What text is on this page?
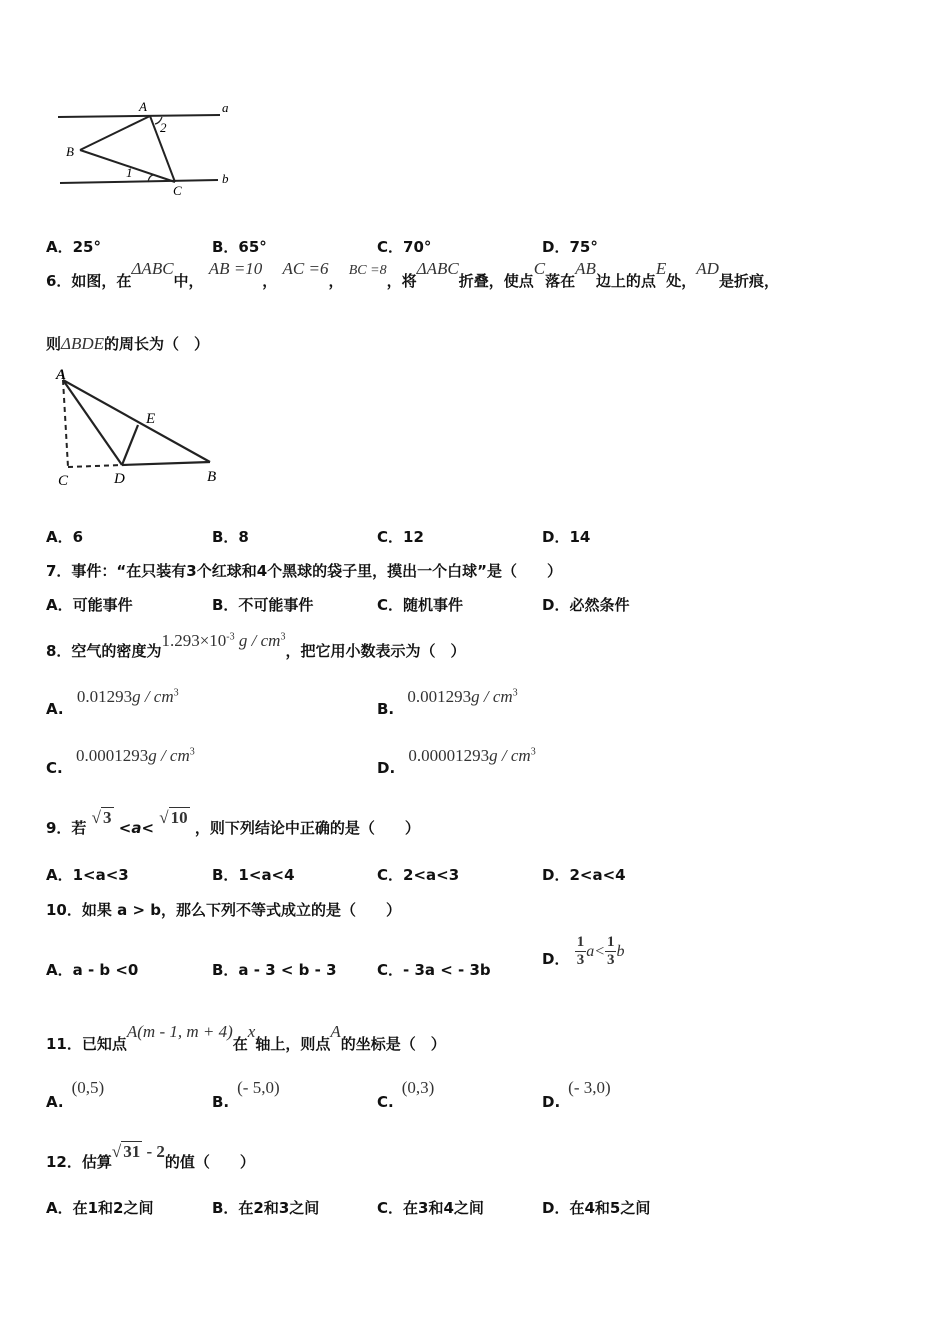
A	a
2
B
1
C
b
A．25°	B．65°	C．70°	D．75°
6．如图，在ΔABC中， AB =10， AC =6， BC =8，将ΔABC折叠，使点C落在AB边上的点E处，AD是折痕，
则ΔBDE的周长为（　）
A
E
C	D	B
A．6	B．8	C．12	D．14
7．事件：“在只装有3个红球和4个黑球的袋子里，摸出一个白球”是（　　）
A．可能事件	B．不可能事件	C．随机事件	D．必然条件
8．空气的密度为$1.293\times 10^{-3}$ g / $cm^3$，把它用小数表示为（　）
A. $0.01293g / cm^3$
B. $0.001293g / cm^3$
C. $0.0001293g / cm^3$
D. $0.00001293g / cm^3$
9．若 √ 3 <a< √ 10 ，则下列结论中正确的是（　　）
A．1<a<3	B．1<a<4	C．2<a<3	D．2<a<4
10．如果 a > b，那么下列不等式成立的是（　　）
A．a - b <0	B．a - 3 < b - 3	C．- 3a < - 3b
D． $\frac{1}{3} a< \frac{1}{3}$ b
11．已知点A(m - 1, m + 4)在x轴上，则点A的坐标是（　）
A.(0,5)
B.(- 5,0)
C.(0,3)
D.(- 3,0)
12．估算√ 31 - 2的值（　　）
A．在1和2之间	B．在2和3之间	C．在3和4之间	D．在4和5之间
